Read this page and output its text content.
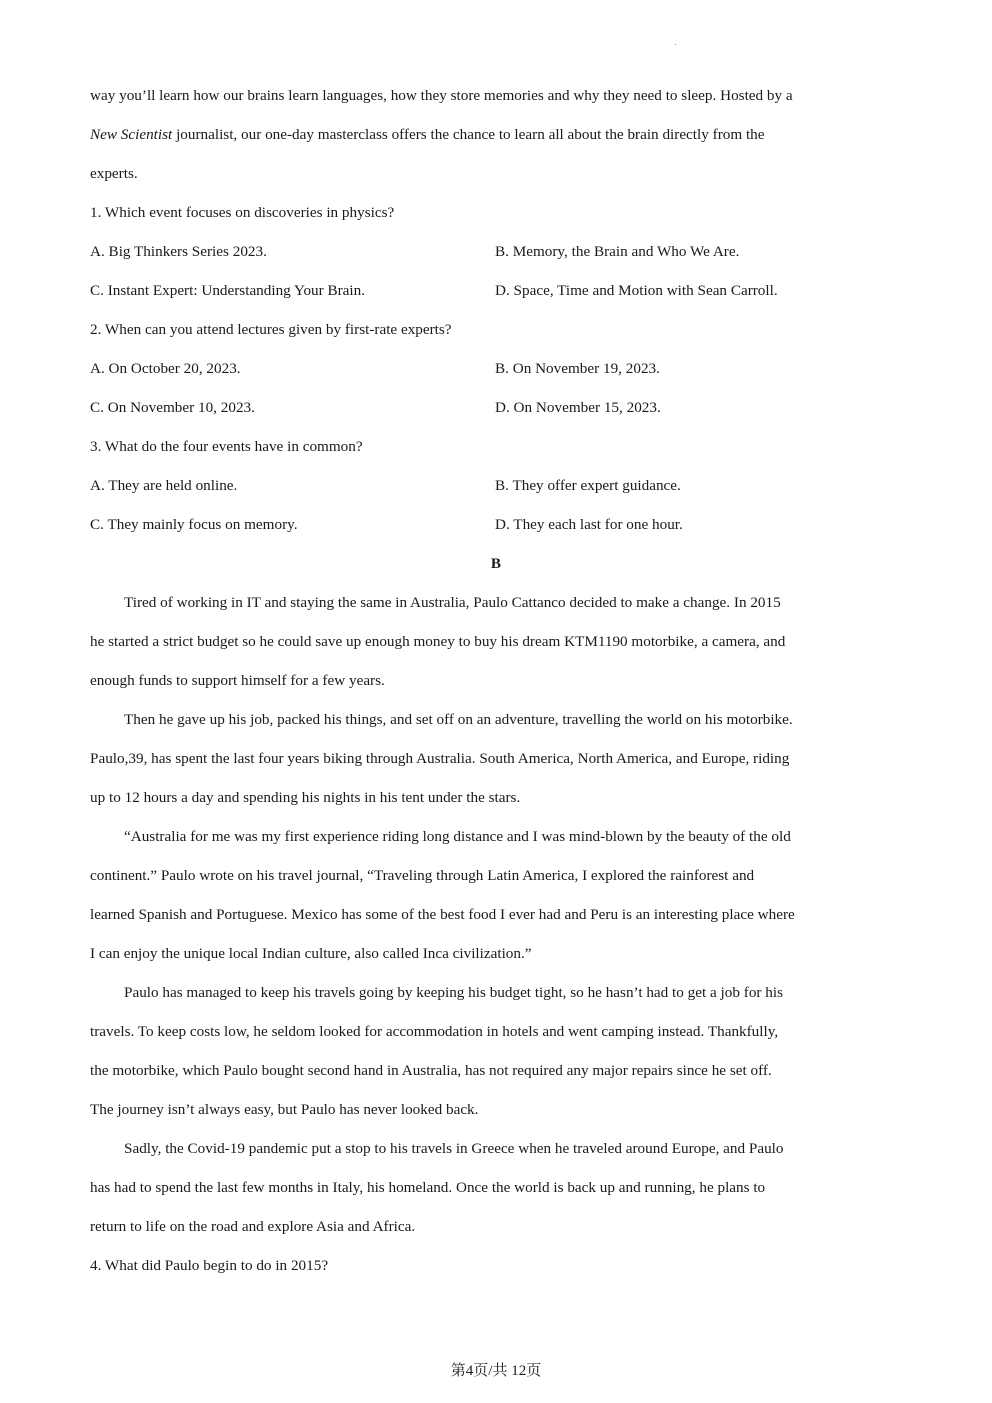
way you’ll learn how our brains learn languages, how they store memories and why they need to sleep. Hosted by a
New Scientist journalist, our one-day masterclass offers the chance to learn all about the brain directly from the
experts.
1. Which event focuses on discoveries in physics?
A. Big Thinkers Series 2023.	B. Memory, the Brain and Who We Are.
C. Instant Expert: Understanding Your Brain.	D. Space, Time and Motion with Sean Carroll.
2. When can you attend lectures given by first-rate experts?
A. On October 20, 2023.	B. On November 19, 2023.
C. On November 10, 2023.	D. On November 15, 2023.
3. What do the four events have in common?
A. They are held online.	B. They offer expert guidance.
C. They mainly focus on memory.	D. They each last for one hour.
B
Tired of working in IT and staying the same in Australia, Paulo Cattanco decided to make a change. In 2015
he started a strict budget so he could save up enough money to buy his dream KTM1190 motorbike, a camera, and
enough funds to support himself for a few years.
Then he gave up his job, packed his things, and set off on an adventure, travelling the world on his motorbike.
Paulo,39, has spent the last four years biking through Australia. South America, North America, and Europe, riding
up to 12 hours a day and spending his nights in his tent under the stars.
“Australia for me was my first experience riding long distance and I was mind-blown by the beauty of the old
continent.” Paulo wrote on his travel journal, “Traveling through Latin America, I explored the rainforest and
learned Spanish and Portuguese. Mexico has some of the best food I ever had and Peru is an interesting place where
I can enjoy the unique local Indian culture, also called Inca civilization.”
Paulo has managed to keep his travels going by keeping his budget tight, so he hasn’t had to get a job for his
travels. To keep costs low, he seldom looked for accommodation in hotels and went camping instead. Thankfully,
the motorbike, which Paulo bought second hand in Australia, has not required any major repairs since he set off.
The journey isn’t always easy, but Paulo has never looked back.
Sadly, the Covid-19 pandemic put a stop to his travels in Greece when he traveled around Europe, and Paulo
has had to spend the last few months in Italy, his homeland. Once the world is back up and running, he plans to
return to life on the road and explore Asia and Africa.
4. What did Paulo begin to do in 2015?
第4页/共 12页
